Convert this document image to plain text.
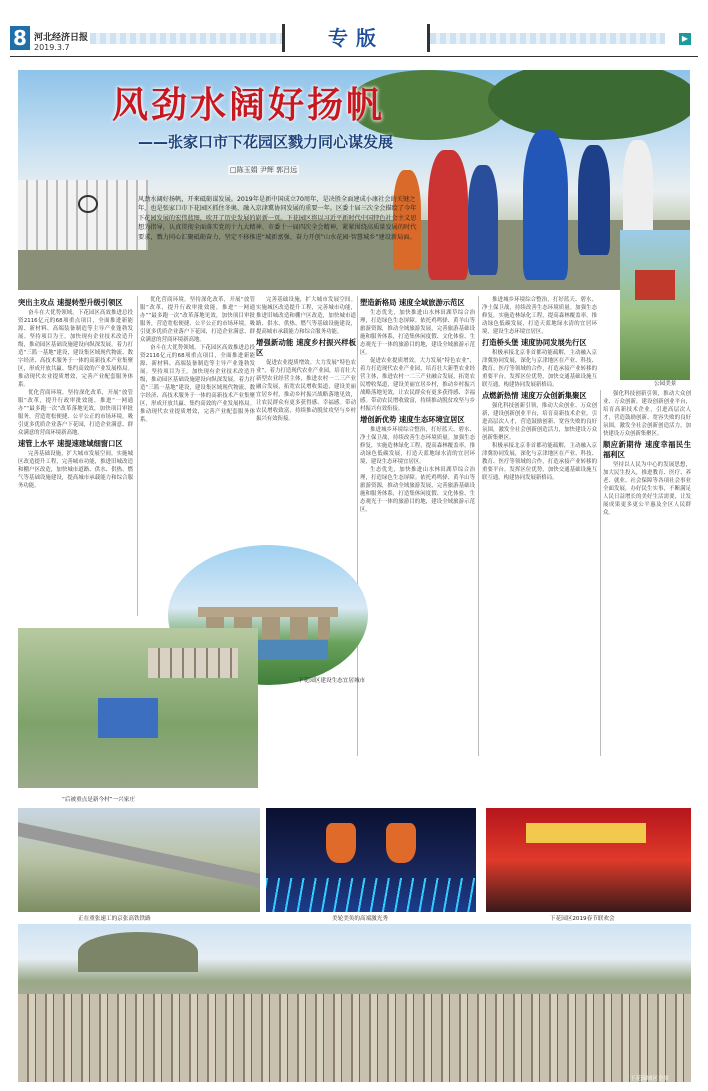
8 河北经济日报
2019.3.7	专版	▶
风劲水阔好扬帆
——张家口市下花园区戮力同心谋发展
□陈玉娟 尹辉 郭吕远
风劲水阔好扬帆，开來砥砺谋发展。2019年是新中国成立70周年，是决胜全面建成小康社会的关键之年，也是张家口市下花园区抓住冬奥、融入京津冀协同发展的重要一年。区委十届三次全会描绘了今年下花园发展的宏伟蓝图，吹开了历史发展的崭新一页。下花园区将以习近平新时代中国特色社会主义思想为指导，认真贯彻全面落实党的十九大精神、市委十一届四次全会精神，紧紧围绕高质量发展的时代要求，戮力同心汇聚砥砺奋力，坚定不移推进“城新富强、奋力开创”山水花园·智慧城乡”建设新局面。
公园美景
突出主攻点 速提转型升级引领区
奋斗在大优势领域。下花园区高效推进总投资2116亿元的68项重点项目，全面推进新能源、新材料、高端装备制造等主导产业蓬勃发展。坚持项目为王，加快现有企业技术改造升级，推动园区基础设施建设向纵深发展，着力打造“三篮一基地”建设，建设集区域现代物流、数字经济、高技术服务于一体的高新技术产业集聚区，形成开放共赢、集约高效的产业发展格局。推动现代农业提质增效，完善产业配套服务体系。
优化营商环境。坚持深化改革，开展“放管服”改革，提升行政审批效能，推进“一网通办”“最多跑一次”改革落地见效，加快项目审批服务，营造宽松便捷、公平公正的市场环境，吸引更多优质企业落户下花园，打造企业满意、群众满意的营商环境新高地。
速管上水平 速提速建域细窗口区
完善基础设施，扩大城市发展空间。实施城区改造提升工程，完善城市功能，推进旧城改造和棚户区改造，加快城市道路、供水、供热、燃气等基础设施建设，提高城市承载能力和综合服务功能。
优化营商环境。坚持深化改革，开展“放管服”改革，提升行政审批效能，推进“一网通办”“最多跑一次”改革落地见效，加快项目审批服务，营造宽松便捷、公平公正的市场环境，吸引更多优质企业落户下花园，打造企业满意、群众满意的营商环境新高地。
奋斗在大优势领域。下花园区高效推进总投资2116亿元的68项重点项目，全面推进新能源、新材料、高端装备制造等主导产业蓬勃发展。坚持项目为王，加快现有企业技术改造升级，推动园区基础设施建设向纵深发展，着力打造“三篮一基地”建设，建设集区域现代物流、数字经济、高技术服务于一体的高新技术产业集聚区，形成开放共赢、集约高效的产业发展格局。推动现代农业提质增效，完善产业配套服务体系。
完善基础设施，扩大城市发展空间。实施城区改造提升工程，完善城市功能，推进旧城改造和棚户区改造，加快城市道路、供水、供热、燃气等基础设施建设，提高城市承载能力和综合服务功能。
增强新动能 速度乡村振兴样板区
促进农业提质增效。大力发展“特色农业”，着力打造现代农业产业园，培育壮大新型农业经营主体，推进农村一二三产业融合发展，拓宽农民增收渠道，建设美丽宜居乡村，推动乡村振兴战略落地见效，让农民群众有更多获得感、幸福感。带动农民增收致富，持续推动脱贫攻坚与乡村振兴有效衔接。
塑造新格局 速度全域旅游示范区
生态优先，加快推进山水林田湖草综合治理，打造绿色生态屏障。依托鸡鸣驿、黄羊山等旅游资源，推动全域旅游发展，完善旅游基础设施和服务体系，打造集休闲度假、文化体验、生态观光于一体的旅游目的地，建设全域旅游示范区。
促进农业提质增效。大力发展“特色农业”，着力打造现代农业产业园，培育壮大新型农业经营主体，推进农村一二三产业融合发展，拓宽农民增收渠道，建设美丽宜居乡村，推动乡村振兴战略落地见效，让农民群众有更多获得感、幸福感。带动农民增收致富，持续推动脱贫攻坚与乡村振兴有效衔接。
增创新优势 速度生态环境宜居区
推进城乡环境综合整治，打好蓝天、碧水、净土保卫战，持续改善生态环境质量。加强生态修复，实施造林绿化工程，提高森林覆盖率，推动绿色低碳发展，打造天蓝地绿水清的宜居环境，建设生态环境宜居区。
生态优先，加快推进山水林田湖草综合治理，打造绿色生态屏障。依托鸡鸣驿、黄羊山等旅游资源，推动全域旅游发展，完善旅游基础设施和服务体系，打造集休闲度假、文化体验、生态观光于一体的旅游目的地，建设全域旅游示范区。
推进城乡环境综合整治，打好蓝天、碧水、净土保卫战，持续改善生态环境质量。加强生态修复，实施造林绿化工程，提高森林覆盖率，推动绿色低碳发展，打造天蓝地绿水清的宜居环境，建设生态环境宜居区。
打造桥头堡 速度协同发展先行区
积极承接北京非首都功能疏解，主动融入京津冀协同发展，深化与京津地区在产业、科技、教育、医疗等领域的合作，打造承接产业转移的重要平台。发挥区位优势，加快交通基础设施互联互通，构建协同发展新格局。
点燃新热情 速度万众创新集聚区
强化科技创新引领，推动大众创业、万众创新，建设创新创业平台，培育高新技术企业，引进高层次人才，营造鼓励创新、宽容失败的良好氛围，激发全社会创新创造活力，加快建设万众创新集聚区。
积极承接北京非首都功能疏解，主动融入京津冀协同发展，深化与京津地区在产业、科技、教育、医疗等领域的合作，打造承接产业转移的重要平台。发挥区位优势，加快交通基础设施互联互通，构建协同发展新格局。
强化科技创新引领，推动大众创业、万众创新，建设创新创业平台，培育高新技术企业，引进高层次人才，营造鼓励创新、宽容失败的良好氛围，激发全社会创新创造活力，加快建设万众创新集聚区。
顺应新期待 速度幸福民生福利区
坚持以人民为中心的发展思想，加大民生投入，推进教育、医疗、养老、就业、社会保障等各项社会事业全面发展，办好民生实事，不断满足人民日益增长的美好生活需要，让发展成果更多更公平惠及全区人民群众。
下花园区建设生态宜居城市
“后被重点是新今村”一兴家庄
正在重张速工的京张高铁铁路	美轮美奂的高端激光秀	下花园区2019春节联欢会
下花园城区全景
